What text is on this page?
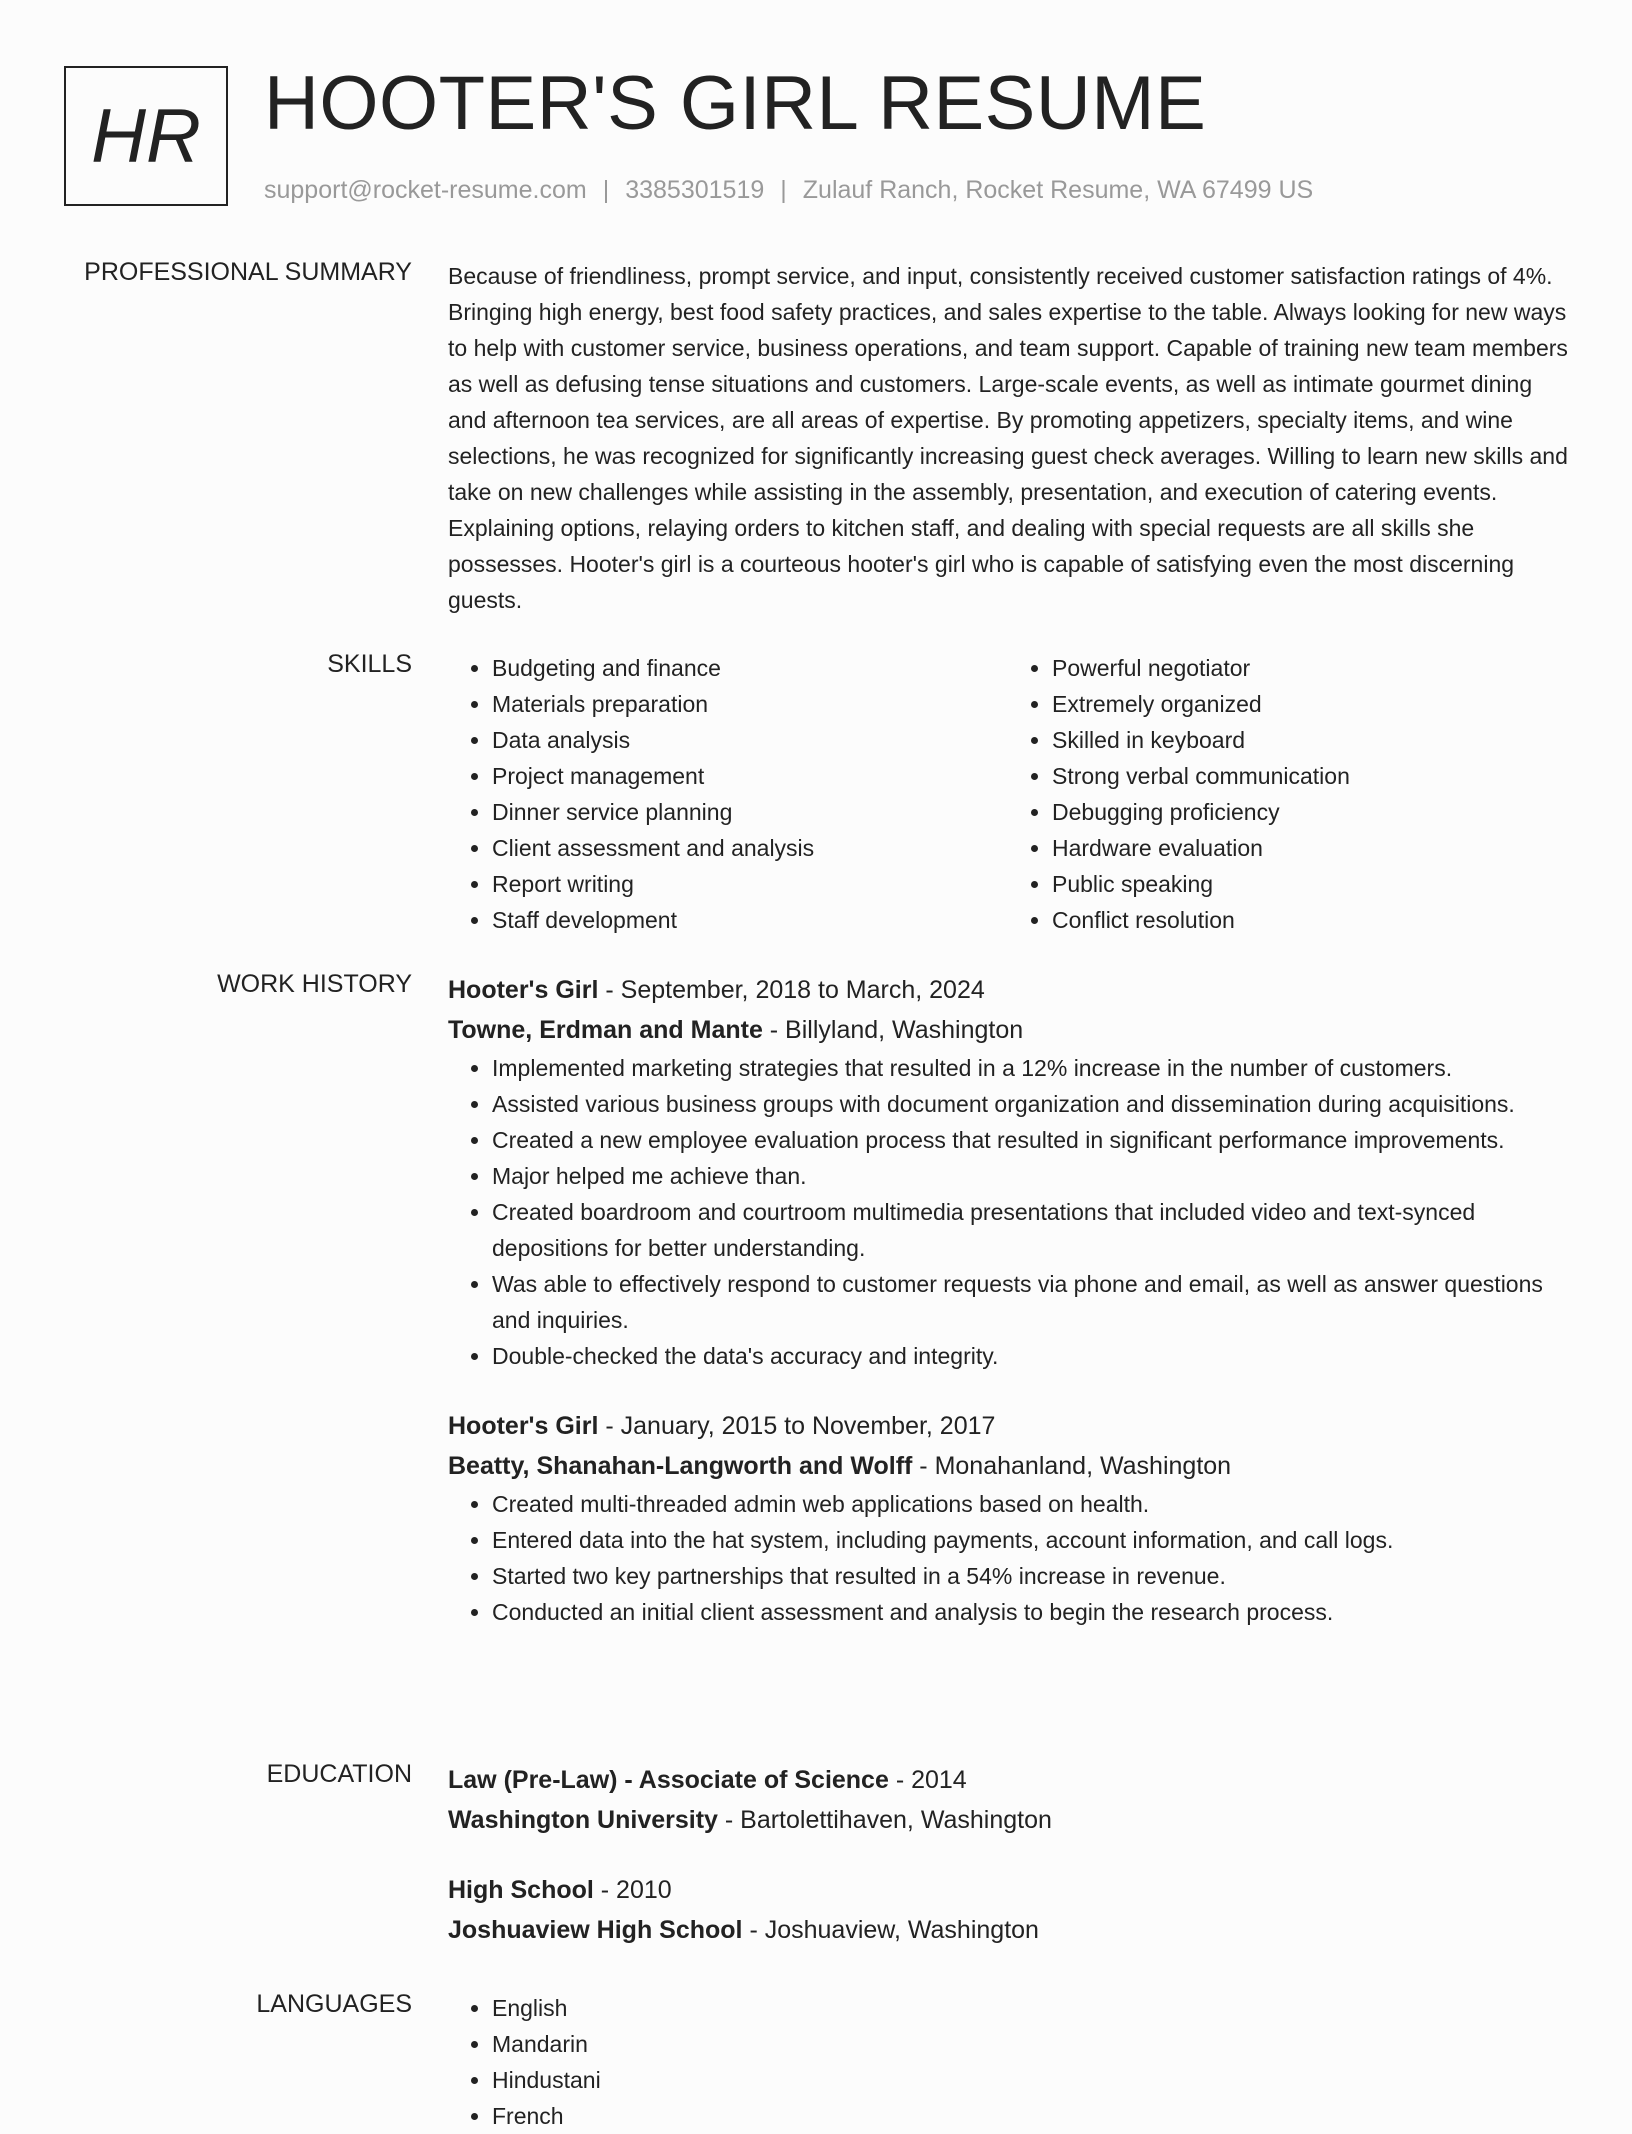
HR HOOTER'S GIRL RESUME
support@rocket-resume.com | 3385301519 | Zulauf Ranch, Rocket Resume, WA 67499 US
PROFESSIONAL SUMMARY Because of friendliness, prompt service, and input, consistently received customer satisfaction ratings of 4%. Bringing high energy, best food safety practices, and sales expertise to the table. Always looking for new ways to help with customer service, business operations, and team support. Capable of training new team members as well as defusing tense situations and customers. Large-scale events, as well as intimate gourmet dining and afternoon tea services, are all areas of expertise. By promoting appetizers, specialty items, and wine selections, he was recognized for significantly increasing guest check averages. Willing to learn new skills and take on new challenges while assisting in the assembly, presentation, and execution of catering events. Explaining options, relaying orders to kitchen staff, and dealing with special requests are all skills she possesses. Hooter's girl is a courteous hooter's girl who is capable of satisfying even the most discerning guests.

SKILLS	• Budgeting and finance
• Materials preparation
• Data analysis
• Project management
• Dinner service planning
• Client assessment and analysis
• Report writing
• Staff development
• Powerful negotiator
• Extremely organized
• Skilled in keyboard
• Strong verbal communication
• Debugging proficiency
• Hardware evaluation
• Public speaking
• Conflict resolution
WORK HISTORY Hooter's Girl - September, 2018 to March, 2024
Towne, Erdman and Mante - Billyland, Washington
• Implemented marketing strategies that resulted in a 12% increase in the number of customers.
• Assisted various business groups with document organization and dissemination during acquisitions.
• Created a new employee evaluation process that resulted in significant performance improvements.
• Major helped me achieve than.
• Created boardroom and courtroom multimedia presentations that included video and text-synced depositions for better understanding.
• Was able to effectively respond to customer requests via phone and email, as well as answer questions and inquiries.
• Double-checked the data's accuracy and integrity.
Hooter's Girl - January, 2015 to November, 2017
Beatty, Shanahan-Langworth and Wolff - Monahanland, Washington
• Created multi-threaded admin web applications based on health.
• Entered data into the hat system, including payments, account information, and call logs.
• Started two key partnerships that resulted in a 54% increase in revenue.
• Conducted an initial client assessment and analysis to begin the research process.
EDUCATION Law (Pre-Law) - Associate of Science - 2014
Washington University - Bartolettihaven, Washington
High School - 2010
Joshuaview High School - Joshuaview, Washington
LANGUAGES	• English
• Mandarin
• Hindustani
• French
